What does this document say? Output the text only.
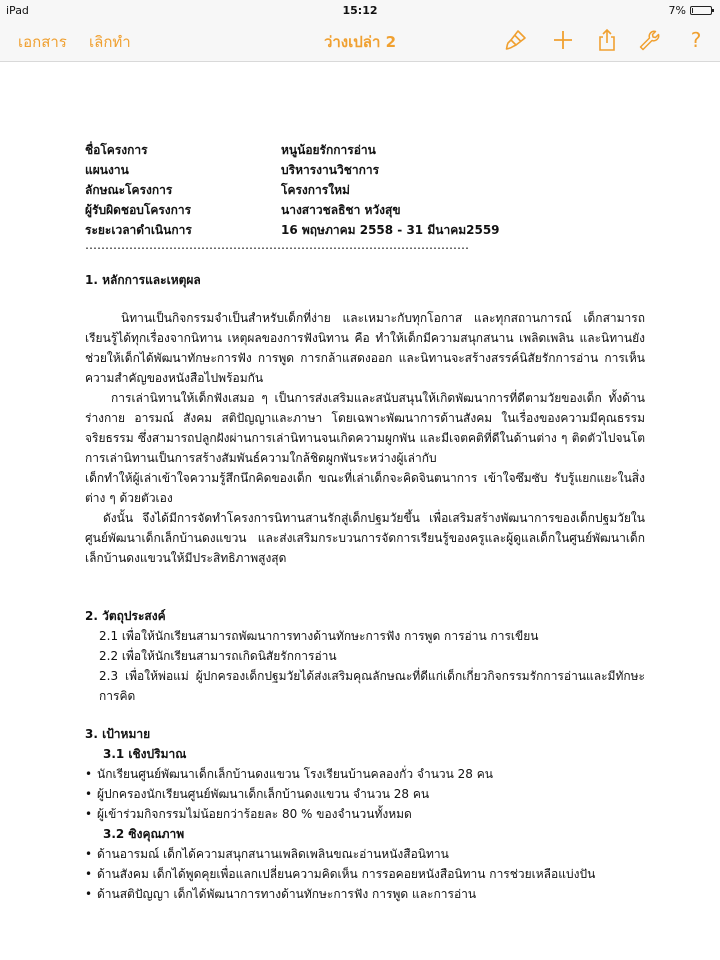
iPad	15:12	7%
เอกสาร เลิกทำ	ว่างเปล่า 2	?
ชื่อโครงการ	หนูน้อยรักการอ่าน
แผนงาน	บริหารงานวิชาการ
ลักษณะโครงการ	โครงการใหม่
ผู้รับผิดชอบโครงการ	นางสาวชลธิชา หวังสุข
ระยะเวลาดำเนินการ	16 พฤษภาคม 2558 - 31 มีนาคม2559
……………………………………………………………………………………

1. หลักการและเหตุผล

นิทานเป็นกิจกรรมจำเป็นสำหรับเด็กที่ง่าย และเหมาะกับทุกโอกาส และทุกสถานการณ์ เด็กสามารถเรียนรู้ได้ทุกเรื่องจากนิทาน เหตุผลของการฟังนิทาน คือ ทำให้เด็กมีความสนุกสนาน เพลิดเพลิน และนิทานยังช่วยให้เด็กได้พัฒนาทักษะการฟัง การพูด การกล้าแสดงออก และนิทานจะสร้างสรรค์นิสัยรักการอ่าน การเห็นความสำคัญของหนังสือไปพร้อมกัน

การเล่านิทานให้เด็กฟังเสมอ ๆ เป็นการส่งเสริมและสนับสนุนให้เกิดพัฒนาการที่ดีตามวัยของเด็ก ทั้งด้านร่างกาย อารมณ์ สังคม สติปัญญาและภาษา โดยเฉพาะพัฒนาการด้านสังคม ในเรื่องของความมีคุณธรรม จริยธรรม ซึ่งสามารถปลูกฝังผ่านการเล่านิทานจนเกิดความผูกพัน และมีเจตคติที่ดีในด้านต่าง ๆ ติดตัวไปจนโต การเล่านิทานเป็นการสร้างสัมพันธ์ความใกล้ชิดผูกพันระหว่างผู้เล่ากับ

เด็กทำให้ผู้เล่าเข้าใจความรู้สึกนึกคิดของเด็ก ขณะที่เล่าเด็กจะคิดจินตนาการ เข้าใจซึมซับ รับรู้แยกแยะในสิ่งต่าง ๆ ด้วยตัวเอง

ดังนั้น จึงได้มีการจัดทำโครงการนิทานสานรักสู่เด็กปฐมวัยขึ้น เพื่อเสริมสร้างพัฒนาการของเด็กปฐมวัยในศูนย์พัฒนาเด็กเล็กบ้านดงแขวน และส่งเสริมกระบวนการจัดการเรียนรู้ของครูและผู้ดูแลเด็กในศูนย์พัฒนาเด็กเล็กบ้านดงแขวนให้มีประสิทธิภาพสูงสุด

2. วัตถุประสงค์

2.1 เพื่อให้นักเรียนสามารถพัฒนาการทางด้านทักษะการฟัง การพูด การอ่าน การเขียน

2.2 เพื่อให้นักเรียนสามารถเกิดนิสัยรักการอ่าน

2.3 เพื่อให้พ่อแม่ ผู้ปกครองเด็กปฐมวัยได้ส่งเสริมคุณลักษณะที่ดีแก่เด็กเกี่ยวกิจกรรมรักการอ่านและมีทักษะการคิด

3. เป้าหมาย

3.1 เชิงปริมาณ

• นักเรียนศูนย์พัฒนาเด็กเล็กบ้านดงแขวน โรงเรียนบ้านคลองกั่ว จำนวน 28 คน
• ผู้ปกครองนักเรียนศูนย์พัฒนาเด็กเล็กบ้านดงแขวน จำนวน 28 คน
• ผู้เข้าร่วมกิจกรรมไม่น้อยกว่าร้อยละ 80 % ของจำนวนทั้งหมด

3.2 ซิงคุณภาพ

• ด้านอารมณ์ เด็กได้ความสนุกสนานเพลิดเพลินขณะอ่านหนังสือนิทาน
• ด้านสังคม เด็กได้พูดคุยเพื่อแลกเปลี่ยนความคิดเห็น การรอคอยหนังสือนิทาน การช่วยเหลือแบ่งปัน
• ด้านสติปัญญา เด็กได้พัฒนาการทางด้านทักษะการฟัง การพูด และการอ่าน
